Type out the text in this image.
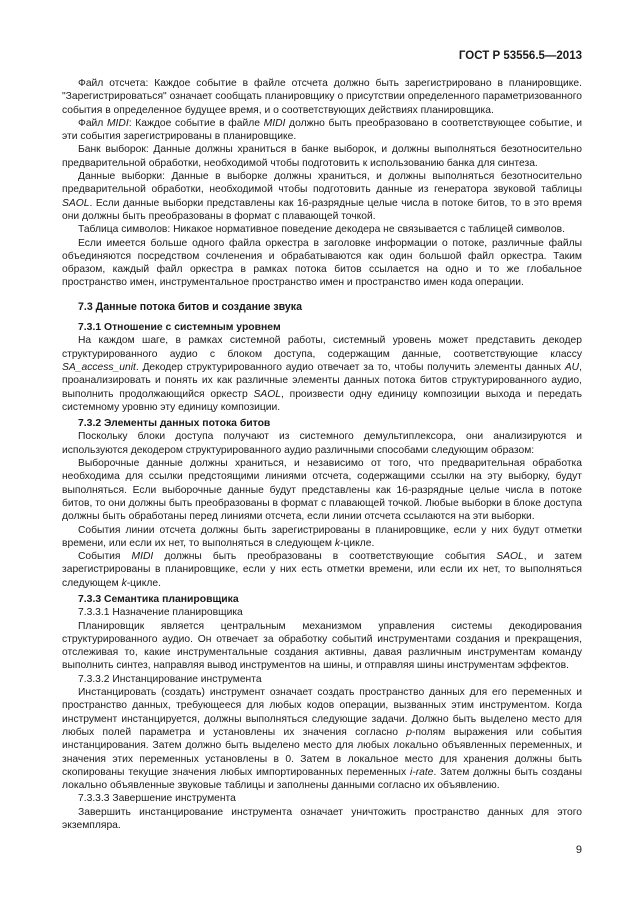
ГОСТ Р 53556.5—2013

Файл отсчета: Каждое событие в файле отсчета должно быть зарегистрировано в планировщике. "Зарегистрироваться" означает сообщать планировщику о присутствии определенного параметризованного события в определенное будущее время, и о соответствующих действиях планировщика.

Файл MIDI: Каждое событие в файле MIDI должно быть преобразовано в соответствующее событие, и эти события зарегистрированы в планировщике.

Банк выборок: Данные должны храниться в банке выборок, и должны выполняться безотносительно предварительной обработки, необходимой чтобы подготовить к использованию банка для синтеза.

Данные выборки: Данные в выборке должны храниться, и должны выполняться безотносительно предварительной обработки, необходимой чтобы подготовить данные из генератора звуковой таблицы SAOL. Если данные выборки представлены как 16-разрядные целые числа в потоке битов, то в это время они должны быть преобразованы в формат с плавающей точкой.

Таблица символов: Никакое нормативное поведение декодера не связывается с таблицей символов.

Если имеется больше одного файла оркестра в заголовке информации о потоке, различные файлы объединяются посредством сочленения и обрабатываются как один большой файл оркестра. Таким образом, каждый файл оркестра в рамках потока битов ссылается на одно и то же глобальное пространство имен, инструментальное пространство имен и пространство имен кода операции.

7.3 Данные потока битов и создание звука

7.3.1 Отношение с системным уровнем

На каждом шаге, в рамках системной работы, системный уровень может представить декодер структурированного аудио с блоком доступа, содержащим данные, соответствующие классу SA_access_unit. Декодер структурированного аудио отвечает за то, чтобы получить элементы данных AU, проанализировать и понять их как различные элементы данных потока битов структурированного аудио, выполнить продолжающийся оркестр SAOL, произвести одну единицу композиции выхода и передать системному уровню эту единицу композиции.

7.3.2 Элементы данных потока битов

Поскольку блоки доступа получают из системного демультиплексора, они анализируются и используются декодером структурированного аудио различными способами следующим образом:

Выборочные данные должны храниться, и независимо от того, что предварительная обработка необходима для ссылки предстоящими линиями отсчета, содержащими ссылки на эту выборку, будут выполняться. Если выборочные данные будут представлены как 16-разрядные целые числа в потоке битов, то они должны быть преобразованы в формат с плавающей точкой. Любые выборки в блоке доступа должны быть обработаны перед линиями отсчета, если линии отсчета ссылаются на эти выборки.

События линии отсчета должны быть зарегистрированы в планировщике, если у них будут отметки времени, или если их нет, то выполняться в следующем k-цикле.

События MIDI должны быть преобразованы в соответствующие события SAOL, и затем зарегистрированы в планировщике, если у них есть отметки времени, или если их нет, то выполняться следующем k-цикле.

7.3.3 Семантика планировщика

7.3.3.1 Назначение планировщика

Планировщик является центральным механизмом управления системы декодирования структурированного аудио. Он отвечает за обработку событий инструментами создания и прекращения, отслеживая то, какие инструментальные создания активны, давая различным инструментам команду выполнить синтез, направляя вывод инструментов на шины, и отправляя шины инструментам эффектов.

7.3.3.2 Инстанцирование инструмента

Инстанцировать (создать) инструмент означает создать пространство данных для его переменных и пространство данных, требующееся для любых кодов операции, вызванных этим инструментом. Когда инструмент инстанцируется, должны выполняться следующие задачи. Должно быть выделено место для любых полей параметра и установлены их значения согласно p-полям выражения или события инстанцирования. Затем должно быть выделено место для любых локально объявленных переменных, и значения этих переменных установлены в 0. Затем в локальное место для хранения должны быть скопированы текущие значения любых импортированных переменных i-rate. Затем должны быть созданы локально объявленные звуковые таблицы и заполнены данными согласно их объявлению.

7.3.3.3 Завершение инструмента

Завершить инстанцирование инструмента означает уничтожить пространство данных для этого экземпляра.

9
